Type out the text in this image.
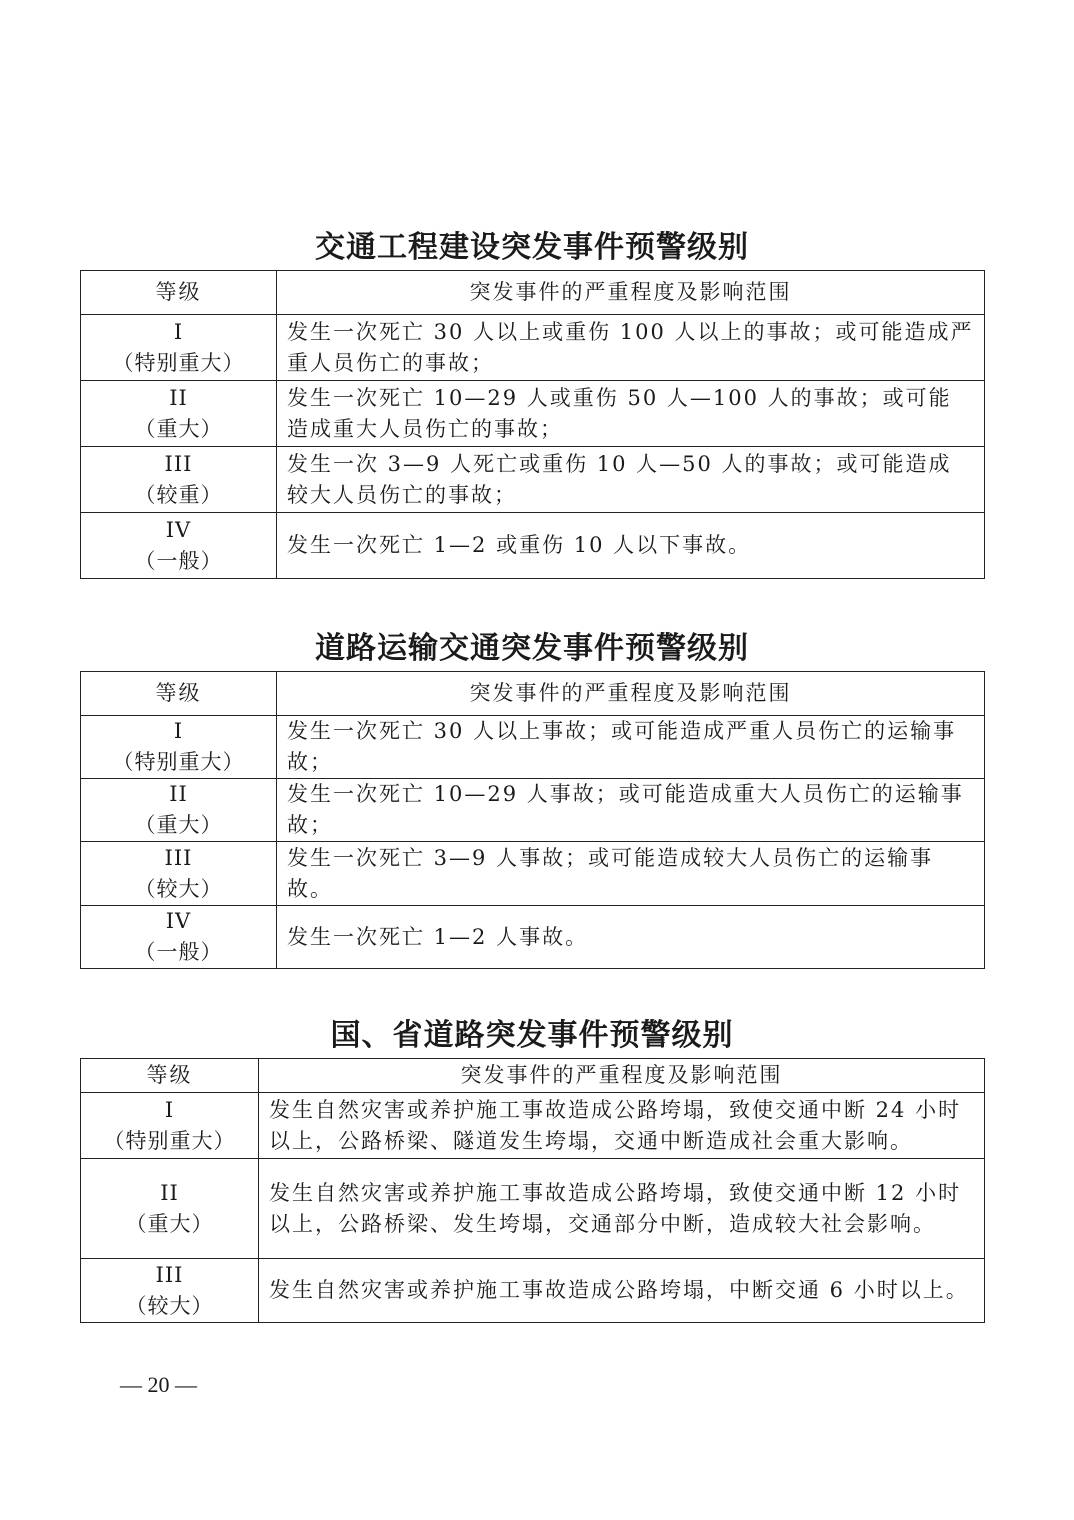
交通工程建设突发事件预警级别
等级	突发事件的严重程度及影响范围

I
（特别重大）	发生一次死亡 30 人以上或重伤 100 人以上的事故；或可能造成严重人员伤亡的事故；

II
（重大）	发生一次死亡 10—29 人或重伤 50 人—100 人的事故；或可能造成重大人员伤亡的事故；

III
（较重）	发生一次 3—9 人死亡或重伤 10 人—50 人的事故；或可能造成较大人员伤亡的事故；

IV
（一般）	发生一次死亡 1—2 或重伤 10 人以下事故。
道路运输交通突发事件预警级别
等级	突发事件的严重程度及影响范围

I
（特别重大）	发生一次死亡 30 人以上事故；或可能造成严重人员伤亡的运输事故；

II
（重大）	发生一次死亡 10—29 人事故；或可能造成重大人员伤亡的运输事故；

III
（较大）	发生一次死亡 3—9 人事故；或可能造成较大人员伤亡的运输事故。

IV
（一般）	发生一次死亡 1—2 人事故。
国、省道路突发事件预警级别
等级	突发事件的严重程度及影响范围

I
（特别重大）	发生自然灾害或养护施工事故造成公路垮塌，致使交通中断 24 小时以上，公路桥梁、隧道发生垮塌，交通中断造成社会重大影响。

II
（重大）	发生自然灾害或养护施工事故造成公路垮塌，致使交通中断 12 小时以上，公路桥梁、发生垮塌，交通部分中断，造成较大社会影响。

III
（较大）	发生自然灾害或养护施工事故造成公路垮塌，中断交通 6 小时以上。
— 20 —
